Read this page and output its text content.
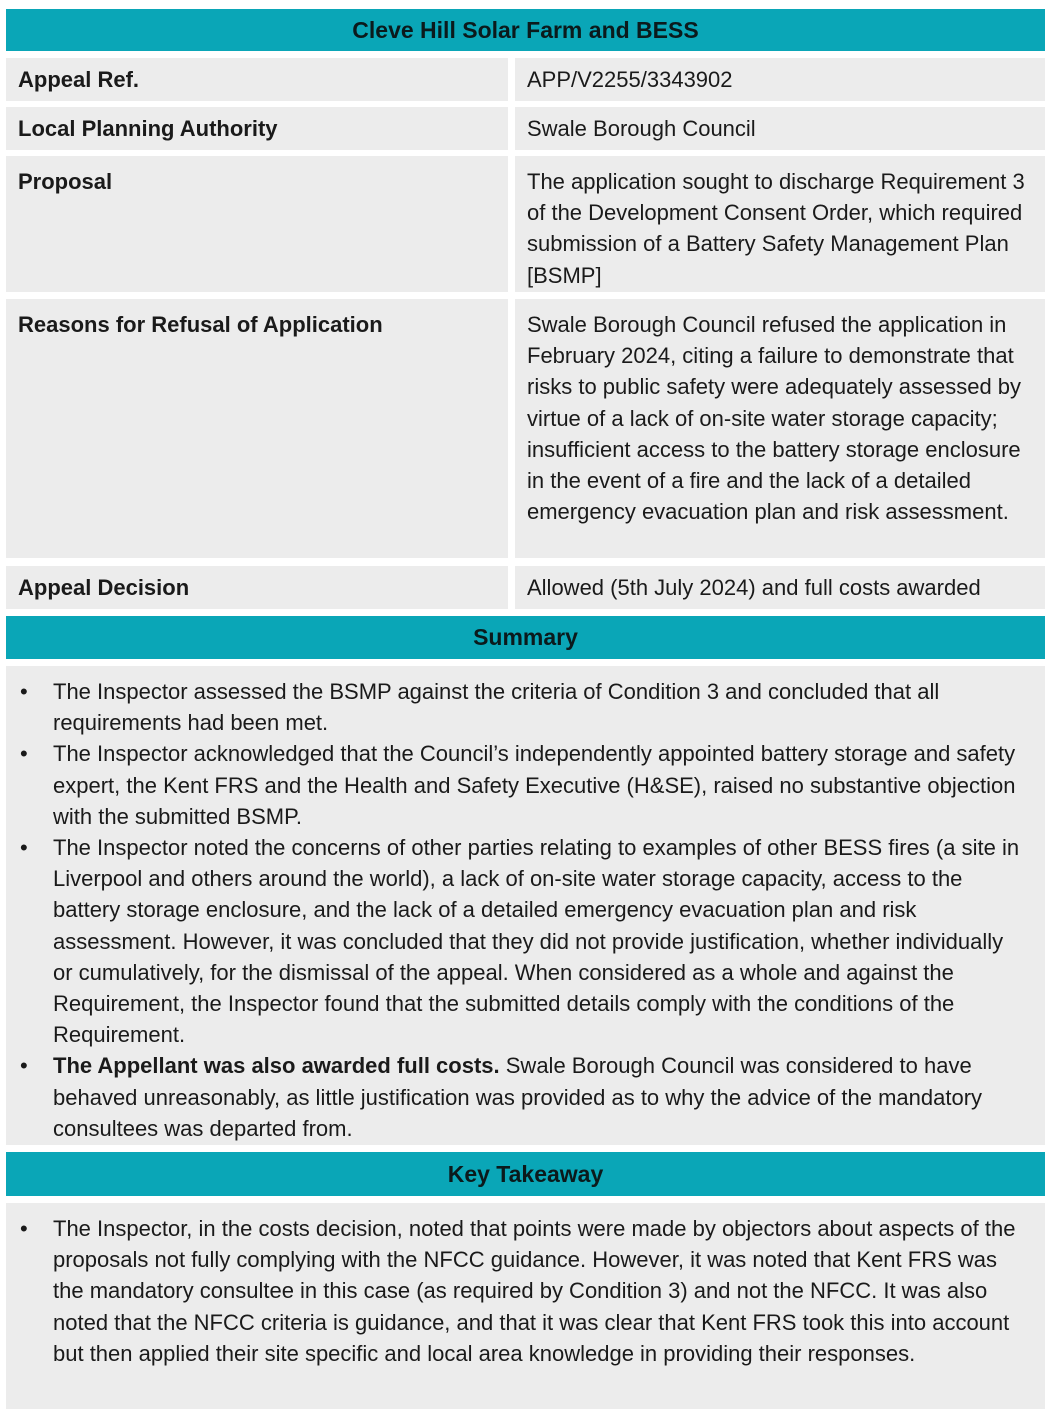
Cleve Hill Solar Farm and BESS
Appeal Ref.	APP/V2255/3343902
Local Planning Authority	Swale Borough Council
Proposal	The application sought to discharge Requirement 3 of the Development Consent Order, which required submission of a Battery Safety Management Plan [BSMP]
Reasons for Refusal of Application	Swale Borough Council refused the application in February 2024, citing a failure to demonstrate that risks to public safety were adequately assessed by virtue of a lack of on-site water storage capacity; insufficient access to the battery storage enclosure in the event of a fire and the lack of a detailed emergency evacuation plan and risk assessment.
Appeal Decision	Allowed (5th July 2024) and full costs awarded
Summary
•	The Inspector assessed the BSMP against the criteria of Condition 3 and concluded that all requirements had been met.
•	The Inspector acknowledged that the Council’s independently appointed battery storage and safety expert, the Kent FRS and the Health and Safety Executive (H&SE), raised no substantive objection with the submitted BSMP.
•	The Inspector noted the concerns of other parties relating to examples of other BESS fires (a site in Liverpool and others around the world), a lack of on-site water storage capacity, access to the battery storage enclosure, and the lack of a detailed emergency evacuation plan and risk assessment. However, it was concluded that they did not provide justification, whether individually or cumulatively, for the dismissal of the appeal. When considered as a whole and against the Requirement, the Inspector found that the submitted details comply with the conditions of the Requirement.
•	The Appellant was also awarded full costs. Swale Borough Council was considered to have behaved unreasonably, as little justification was provided as to why the advice of the mandatory consultees was departed from.
Key Takeaway
•	The Inspector, in the costs decision, noted that points were made by objectors about aspects of the proposals not fully complying with the NFCC guidance. However, it was noted that Kent FRS was the mandatory consultee in this case (as required by Condition 3) and not the NFCC. It was also noted that the NFCC criteria is guidance, and that it was clear that Kent FRS took this into account but then applied their site specific and local area knowledge in providing their responses.
